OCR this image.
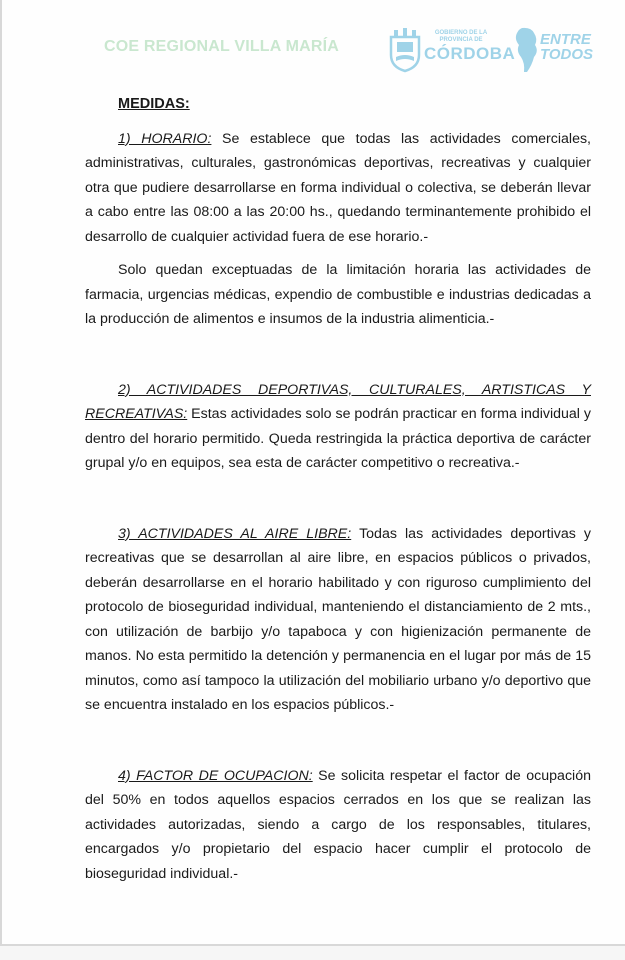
COE REGIONAL VILLA MARÍA
GOBIERNO DE LA PROVINCIA DE
CÓRDOBA
ENTRE
TODOS

MEDIDAS:

1) HORARIO: Se establece que todas las actividades comerciales, administrativas, culturales, gastronómicas deportivas, recreativas y cualquier otra que pudiere desarrollarse en forma individual o colectiva, se deberán llevar a cabo entre las 08:00 a las 20:00 hs., quedando terminantemente prohibido el desarrollo de cualquier actividad fuera de ese horario.-

Solo quedan exceptuadas de la limitación horaria las actividades de farmacia, urgencias médicas, expendio de combustible e industrias dedicadas a la producción de alimentos e insumos de la industria alimenticia.-

2) ACTIVIDADES DEPORTIVAS, CULTURALES, ARTISTICAS Y RECREATIVAS: Estas actividades solo se podrán practicar en forma individual y dentro del horario permitido. Queda restringida la práctica deportiva de carácter grupal y/o en equipos, sea esta de carácter competitivo o recreativa.-

3) ACTIVIDADES AL AIRE LIBRE: Todas las actividades deportivas y recreativas que se desarrollan al aire libre, en espacios públicos o privados, deberán desarrollarse en el horario habilitado y con riguroso cumplimiento del protocolo de bioseguridad individual, manteniendo el distanciamiento de 2 mts., con utilización de barbijo y/o tapaboca y con higienización permanente de manos. No esta permitido la detención y permanencia en el lugar por más de 15 minutos, como así tampoco la utilización del mobiliario urbano y/o deportivo que se encuentra instalado en los espacios públicos.-

4) FACTOR DE OCUPACION: Se solicita respetar el factor de ocupación del 50% en todos aquellos espacios cerrados en los que se realizan las actividades autorizadas, siendo a cargo de los responsables, titulares, encargados y/o propietario del espacio hacer cumplir el protocolo de bioseguridad individual.-
